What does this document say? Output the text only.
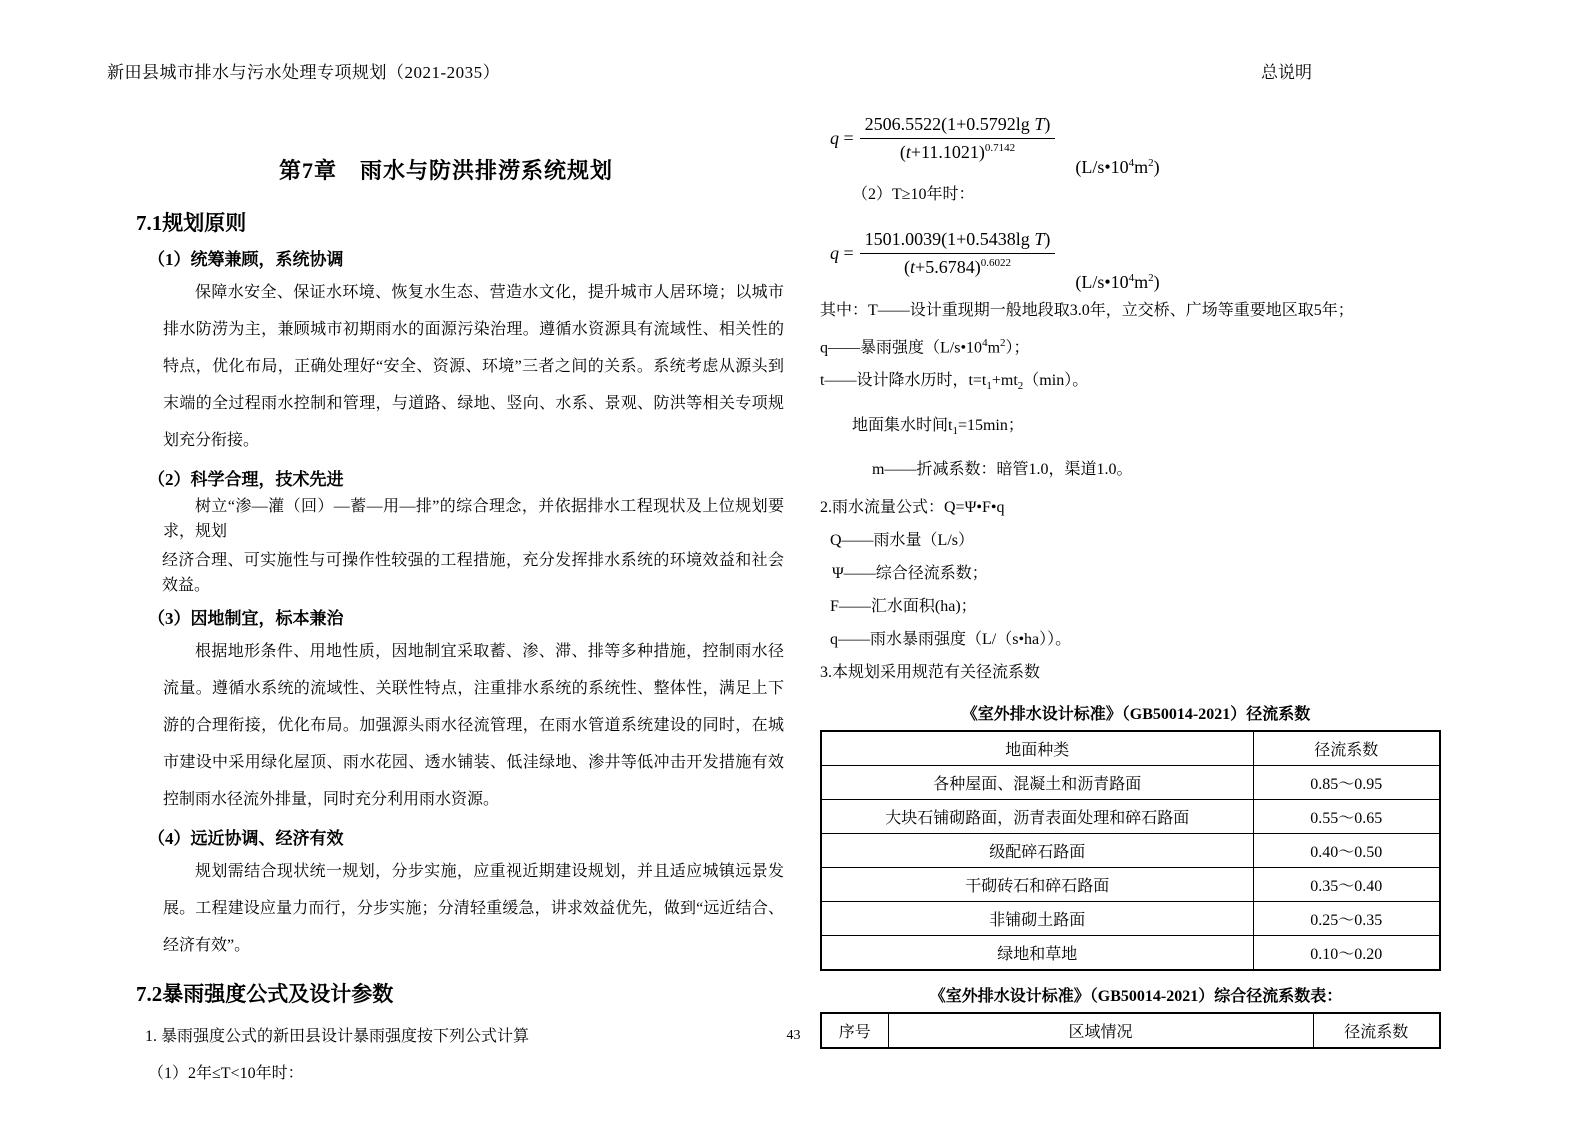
新田县城市排水与污水处理专项规划（2021-2035）	总说明
第7章　雨水与防洪排涝系统规划
7.1规划原则
（1）统筹兼顾，系统协调

保障水安全、保证水环境、恢复水生态、营造水文化，提升城市人居环境；以城市排水防涝为主，兼顾城市初期雨水的面源污染治理。遵循水资源具有流域性、相关性的特点，优化布局，正确处理好“安全、资源、环境”三者之间的关系。系统考虑从源头到末端的全过程雨水控制和管理，与道路、绿地、竖向、水系、景观、防洪等相关专项规划充分衔接。

（2）科学合理，技术先进

树立“渗—灌（回）—蓄—用—排”的综合理念，并依据排水工程现状及上位规划要求，规划

经济合理、可实施性与可操作性较强的工程措施，充分发挥排水系统的环境效益和社会效益。

（3）因地制宜，标本兼治

根据地形条件、用地性质，因地制宜采取蓄、渗、滞、排等多种措施，控制雨水径流量。遵循水系统的流域性、关联性特点，注重排水系统的系统性、整体性，满足上下游的合理衔接，优化布局。加强源头雨水径流管理，在雨水管道系统建设的同时，在城市建设中采用绿化屋顶、雨水花园、透水铺装、低洼绿地、渗井等低冲击开发措施有效控制雨水径流外排量，同时充分利用雨水资源。

（4）远近协调、经济有效

规划需结合现状统一规划，分步实施，应重视近期建设规划，并且适应城镇远景发展。工程建设应量力而行，分步实施；分清轻重缓急，讲求效益优先，做到“远近结合、经济有效”。

7.2暴雨强度公式及设计参数
1. 暴雨强度公式的新田县设计暴雨强度按下列公式计算
（1）2年≤T<10年时：
q
= $\frac{\text{2506.5522(1+0.5792lg T)}}{(t+11.1021)^{0.7142}}$
$(L/s•10^4m^2)$
（2）T≥10年时：
q
= $\frac{\text{1501.0039(1+0.5438lg T)}}{(t+5.6784)^{0.6022}}$
$(L/s•10^4m^2)$
其中：T——设计重现期一般地段取3.0年，立交桥、广场等重要地区取5年；
q——暴雨强度$(L/s•10^4m^2)$；
t——设计降水历时，$t=t_1+mt_2(\min)$。
地面集水时间$t_1=15\min$；
m——折减系数：暗管1.0，渠道1.0。
2.雨水流量公式：Q=Ψ•F•q
Q——雨水量（L/s）
Ψ——综合径流系数；
F——汇水面积(ha)；
q——雨水暴雨强度（L/（s•ha））。
3.本规划采用规范有关径流系数
《室外排水设计标准》（GB50014-2021）径流系数
地面种类	径流系数
各种屋面、混凝土和沥青路面	0.85～0.95
大块石铺砌路面，沥青表面处理和碎石路面	0.55～0.65
级配碎石路面	0.40～0.50
干砌砖石和碎石路面	0.35～0.40
非铺砌土路面	0.25～0.35
绿地和草地	0.10～0.20
《室外排水设计标准》（GB50014-2021）综合径流系数表：
序号	区域情况	径流系数
43
